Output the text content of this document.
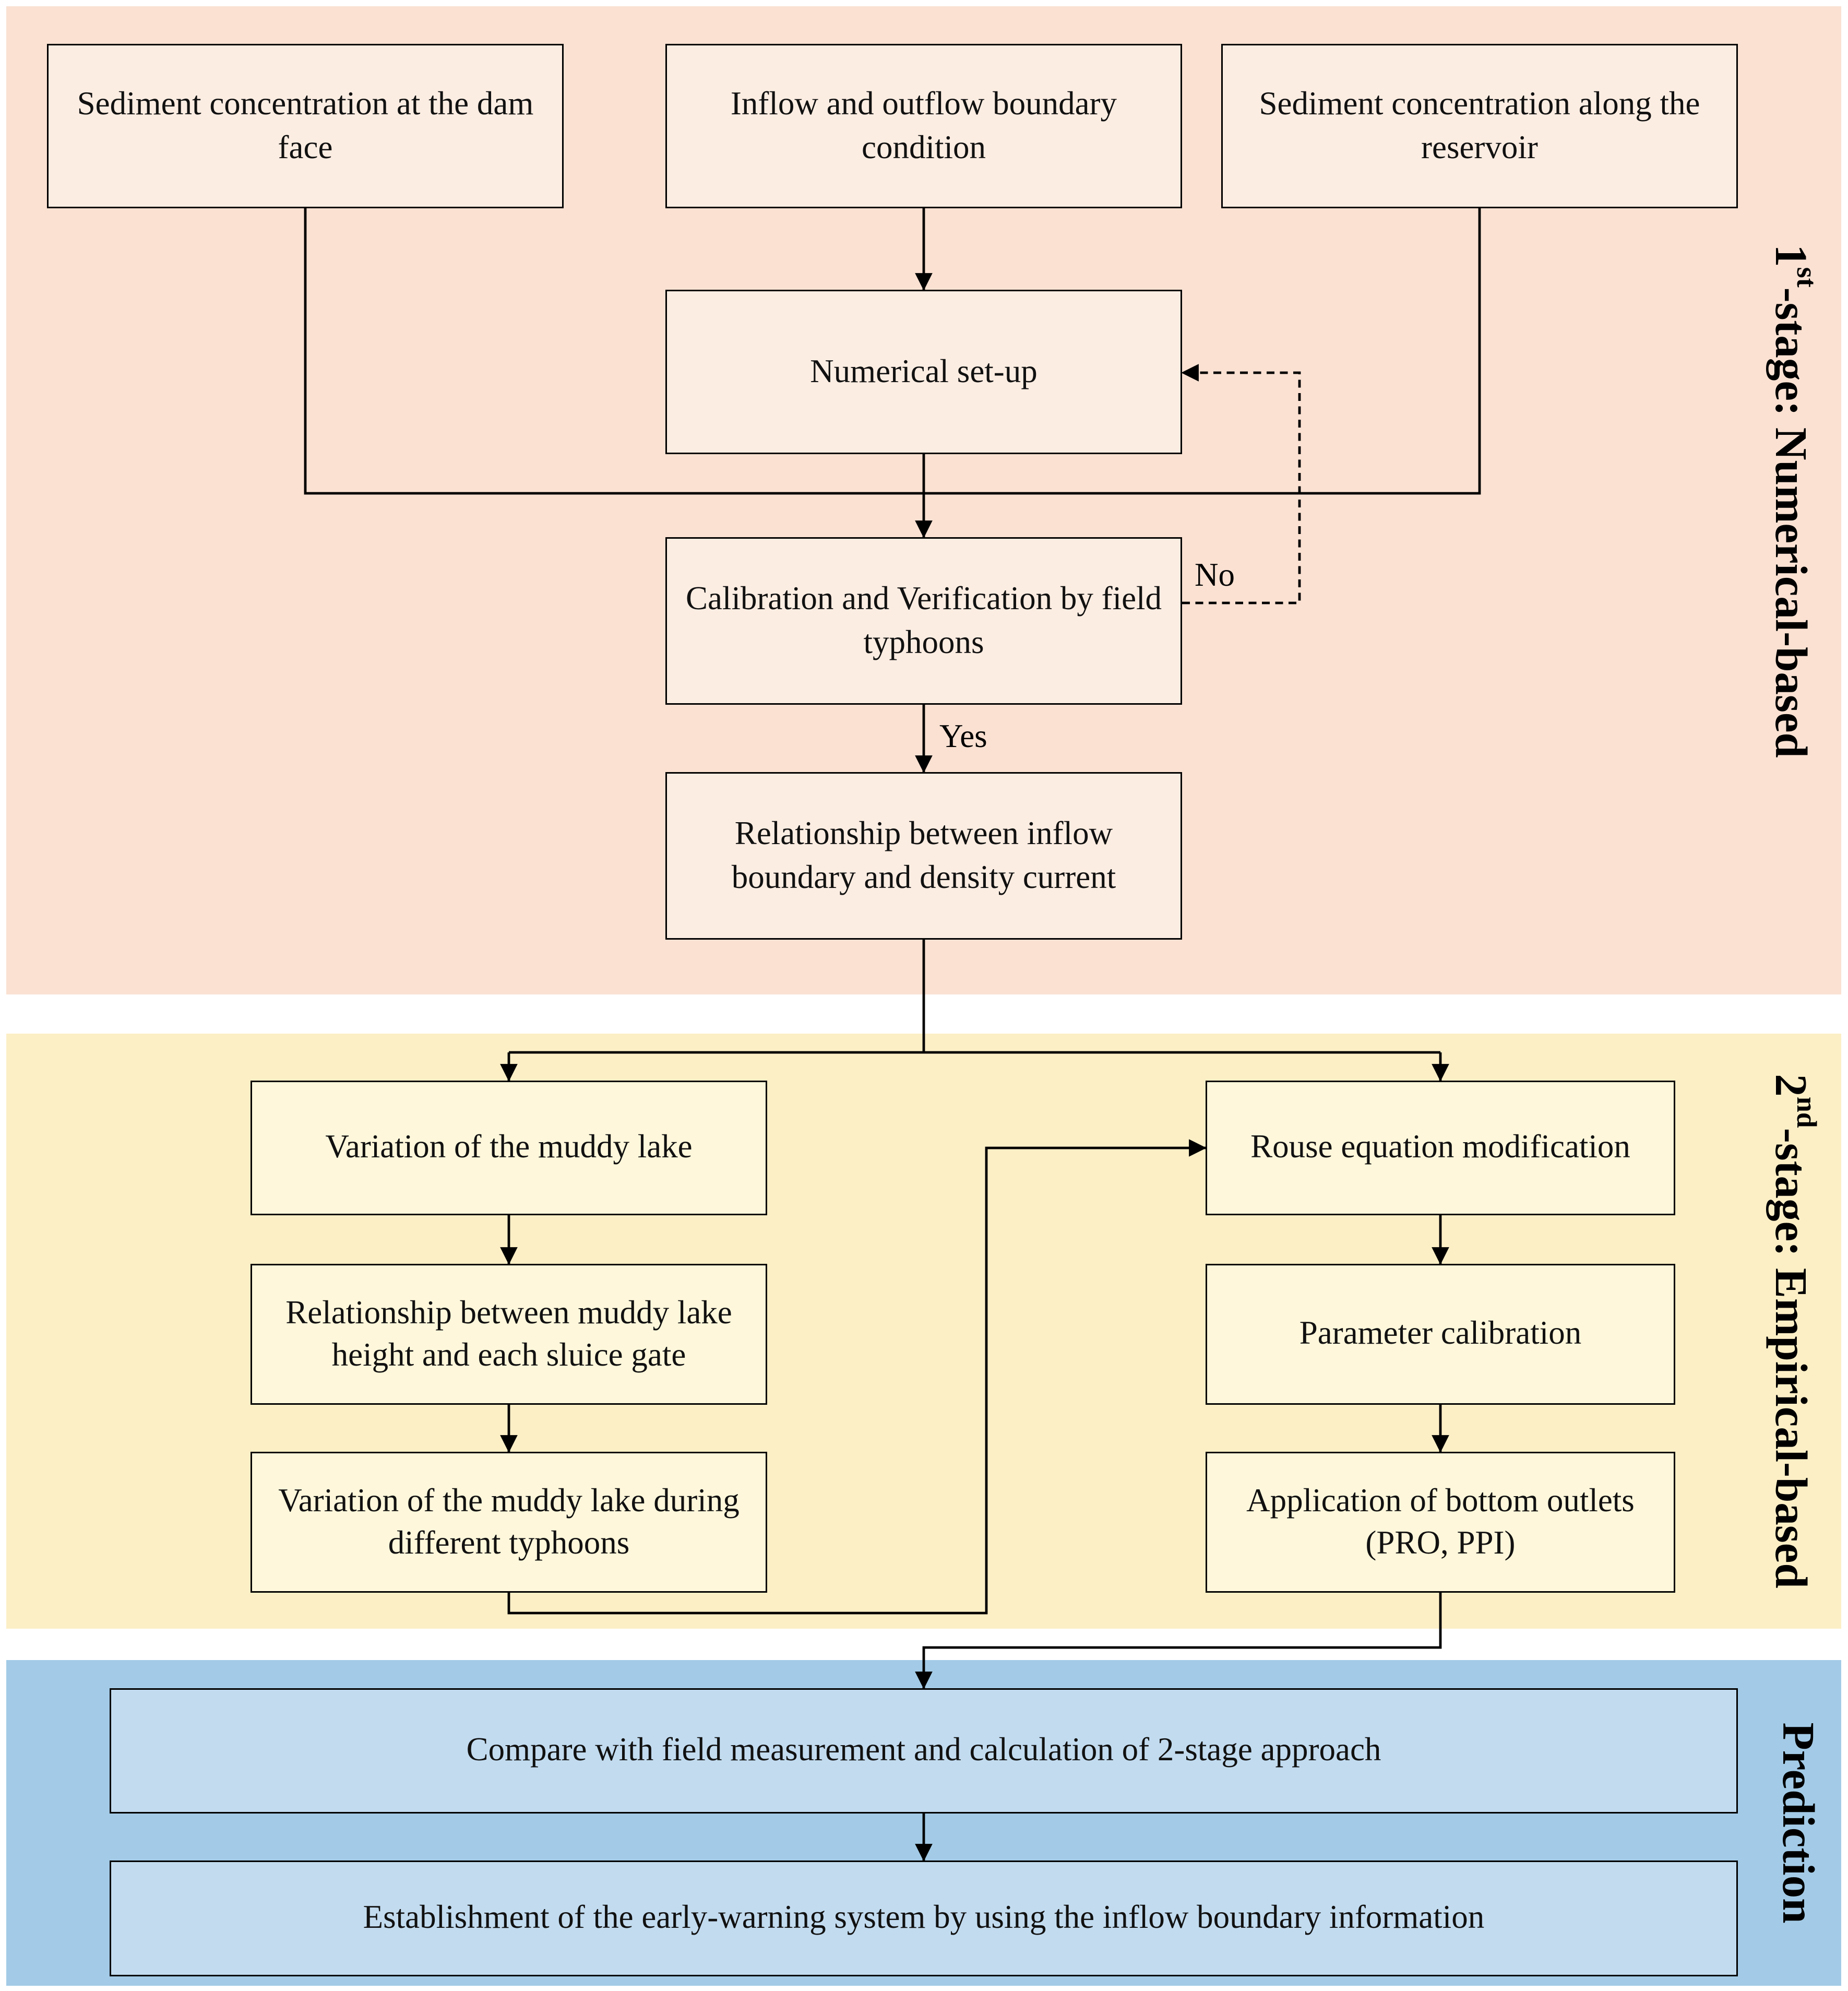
1st-stage: Numerical-based
2nd-stage: Empirical-based
Prediction
Sediment concentration at the dam face
Inflow and outflow boundary condition
Sediment concentration along the reservoir
Numerical set-up
Calibration and Verification by field typhoons
Relationship between inflow boundary and density current
Yes
No
Variation of the muddy lake
Relationship between muddy lake height and each sluice gate
Variation of the muddy lake during different typhoons
Rouse equation modification
Parameter calibration
Application of bottom outlets (PRO, PPI)
Compare with field measurement and calculation of 2-stage approach
Establishment of the early-warning system by using the inflow boundary information
